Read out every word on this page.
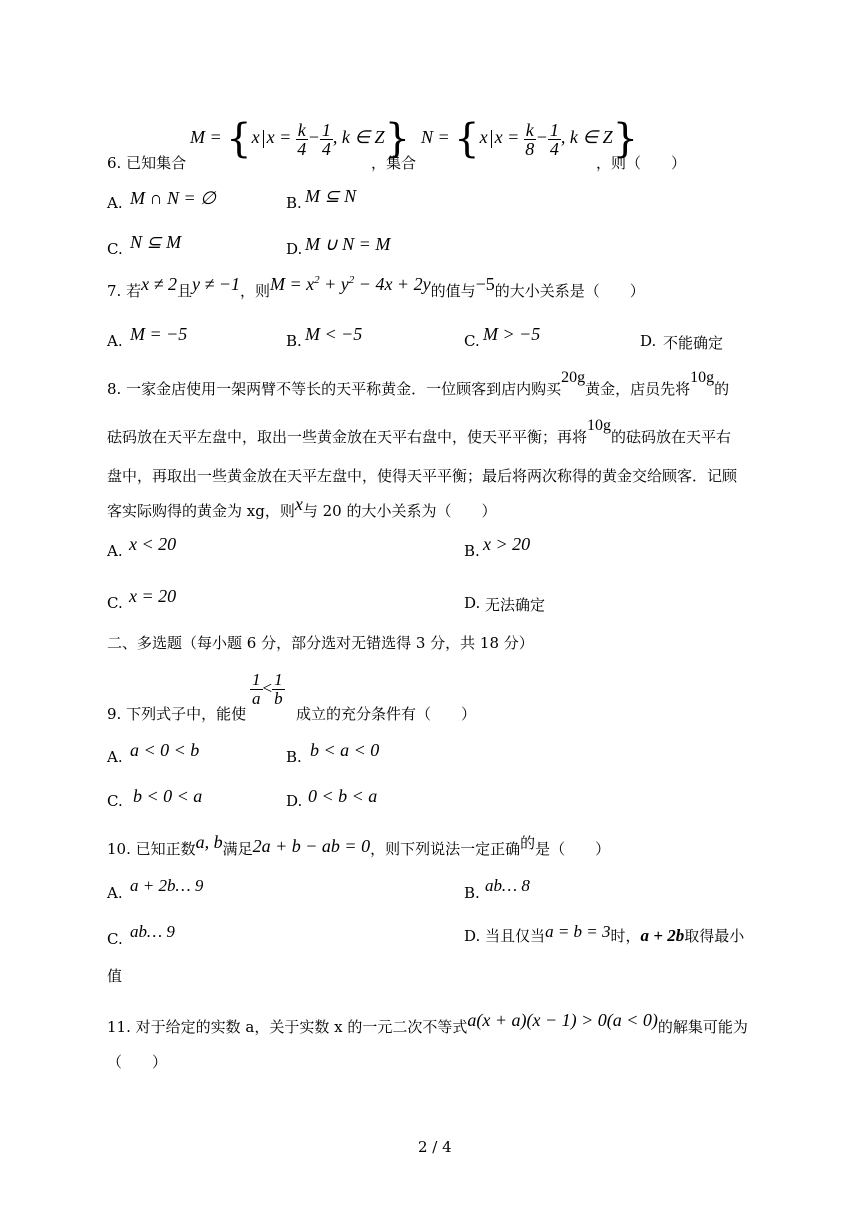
6. 已知集合
M = {x $x = \frac{k}{4} - \frac{1}{4}$ , k ∈ Z}
，集合
N = {x $x = \frac{k}{8} - \frac{1}{4}$ , k ∈ Z}
，则（　　）
A. M ∩ N = ∅	B. M ⊆ N
C. N ⊆ M	D. M ∪ N = M
7. 若x ≠ 2且y ≠ −1，则$M = x^2 + y^2 - 4x + 2y$的值与−5的大小关系是（　　）
A. M = −5	B. M < −5	C. M > −5	D. 不能确定
8. 一家金店使用一架两臂不等长的天平称黄金．一位顾客到店内购买20g黄金，店员先将10g的
砝码放在天平左盘中，取出一些黄金放在天平右盘中，使天平平衡；再将10g的砝码放在天平右
盘中，再取出一些黄金放在天平左盘中，使得天平平衡；最后将两次称得的黄金交给顾客．记顾
客实际购得的黄金为 xg，则x与 20 的大小关系为（　　）
A. x < 20	B. x > 20
C. x = 20	D. 无法确定
二、多选题（每小题 6 分，部分选对无错选得 3 分，共 18 分）
9. 下列式子中，能使
$\frac{1}{a} < \frac{1}{b}$
成立的充分条件有（　　）
A. a < 0 < b	B. b < a < 0
C. b < 0 < a	D. 0 < b < a
10. 已知正数a, b满足2a + b − ab = 0，则下列说法一定正确的是（　　）
A. a + 2b… 9	B. ab… 8
C. ab… 9	D. 当且仅当a = b = 3时，a + 2b取得最小
值
11. 对于给定的实数 a，关于实数 x 的一元二次不等式a(x + a)(x − 1) > 0(a < 0)的解集可能为
（　　）
2 / 4
